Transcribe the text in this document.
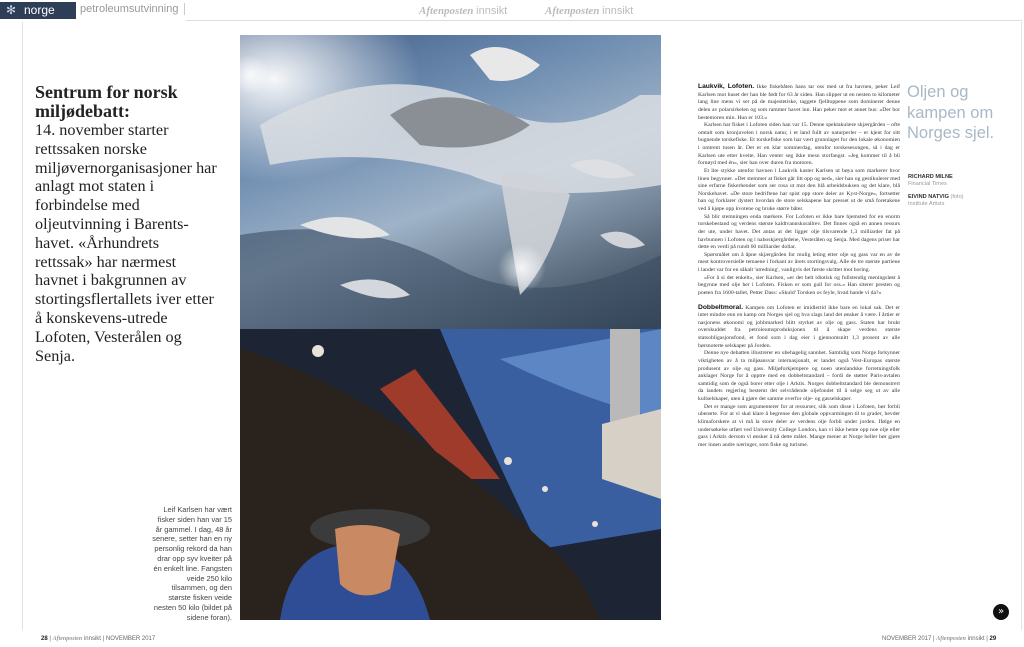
✻ norge petroleumsutvinning	Aftenposten innsikt	Aftenposten innsikt
Sentrum for norsk miljødebatt:
14. november starter rettssaken norske miljøvernorganisasjoner har anlagt mot staten i forbindelse med oljeutvinning i Barents-havet. «Århundrets rettssak» har nærmest havnet i bakgrunnen av stortingsflertallets iver etter å konskevens-utrede Lofoten, Vesterålen og Senja.
Leif Karlsen har vært fisker siden han var 15 år gammel. I dag, 48 år senere, setter han en ny personlig rekord da han drar opp syv kveiter på én enkelt line. Fangsten veide 250 kilo tilsammen, og den største fisken veide nesten 50 kilo (bildet på sidene foran).

Laukvik, Lofoten. Ikke fiskebåten hans tar oss med ut fra havnen, peker Leif Karlsen mot huset der han ble født for 63 år siden. Han slipper ut en nesten to kilometer lang line mens vi ser på de majestetiske, taggete fjelltoppene som dominerer denne delen av polarsirkelen og som rammer havet inn. Han peker mot et annet hus: «Der bor bestemoren min. Hun er 103.»

Karlsen har fisket i Lofoten siden han var 15. Denne spektakulære skjærgården – ofte omtalt som kronjuvelen i norsk natur, i et land fullt av naturperler – er kjent for sitt bugnende torskefiske. Et torskefiske som har vært grunnlaget for den lokale økonomien i omtrent tusen år. Det er en klar sommerdag, utenfor torskesesongen, så i dag er Karlsen ute etter kveite. Han venter seg ikke mesn storfangst. «Jeg kommer til å bli fornøyd med én», sier han over duren fra motoren.

Et lite stykke utenfor havnen i Laukvik kaster Karlsen ut bøya som markerer hvor linen begynner. «Det stemmer at fisket går litt opp og ned», sier han og gestikulerer med sine erfarne fiskerhender som ser rosa ut mot den blå arbeidsbuksen og det klare, blå Norskehavet. «De store bedriftene har spist opp store deler av Kyst-Norge», fortsetter han og forklarer dystert hvordan de store selskapene har presset ut de små foretakene ved å kjøpe opp kvotene og bruke større båter.

Så blir stemningen enda mørkere. For Lofoten er ikke bare hjemsted for en enorm torskebestand og verdens største kaldtvannskorallrev. Det finnes også en annen ressurs der ute, under havet. Det antas at det ligger olje tilsvarende 1,3 milliarder fat på havbunnen i Lofoten og i naboskjærgårdene, Vesterålen og Senja. Med dagens priser har dette en verdi på rundt 60 milliarder dollar.

Spørsmålet om å åpne skjærgården for mulig leting etter olje og gass var en av de mest kontroversielle temaene i forkant av årets stortingsvalg. Alle de tre største partiene i landet var for en såkalt 'utredning', vanligvis det første skrittet mot boring.

«For å si det enkelt», sier Karlsen, «er det helt idiotisk og fullstendig meningsløst å begynne med olje her i Lofoten. Fisken er som gull for oss.» Han siterer presten og poeten fra 1600-tallet, Petter Dass: «Skuld' Torsken os feyle, hvad hande vi da?»

Dobbeltmoral. Kampen om Lofoten er imidlertid ikke bare en lokal sak. Det er intet mindre enn en kamp om Norges sjel og hva slags land det ønsker å være. I årtier er nasjonens økonomi og jobbmarked blitt styrket av olje og gass. Staten har brukt overskuddet fra petroleumsproduksjonen til å skape verdens største statsobligasjonsfond, et fond som i dag eier i gjennomsnitt 1,3 prosent av alle børsnoterte selskaper på Jorden.

Denne nye debatten illustrerer en ubehagelig sannhet. Samtidig som Norge forkynner viktigheten av å ta miljøansvar internasjonalt, er landet også Vest-Europas største produsent av olje og gass. Miljøforkjempere og noen utenlandske forretningsfolk anklager Norge for å opptre med en dobbeltstandard – fordi de støtter Paris-avtalen samtidig som de også borer etter olje i Arktis. Norges dobbeltstandard ble demonstrert da landets regjering bestemt det selvrådende oljefondet til å selge seg ut av alle kullselskaper, uten å gjøre det samme overfor olje- og gasselskaper.

Det er mange som argumenterer for at ressurser, slik som disse i Lofoten, bør forbli uberørte. For at vi skal klare å begrense den globale oppvarmingen til to grader, hevder klimaforskere at vi må la store deler av verdens olje forbli under jorden. Ifølge en undersøkelse utført ved University College London, kan vi ikke hente opp noe olje eller gass i Arktis dersom vi ønsker å nå dette målet. Mange mener at Norge heller bør gjøre mer innen andre næringer, som fiske og turisme.

Oljen og kampen om Norges sjel.
RICHARD MILNE
Financial Times
EIVIND NATVIG (foto)
Institute Artists
»
28 | Aftenposten innsikt | NOVEMBER 2017	NOVEMBER 2017 | Aftenposten innsikt | 29
